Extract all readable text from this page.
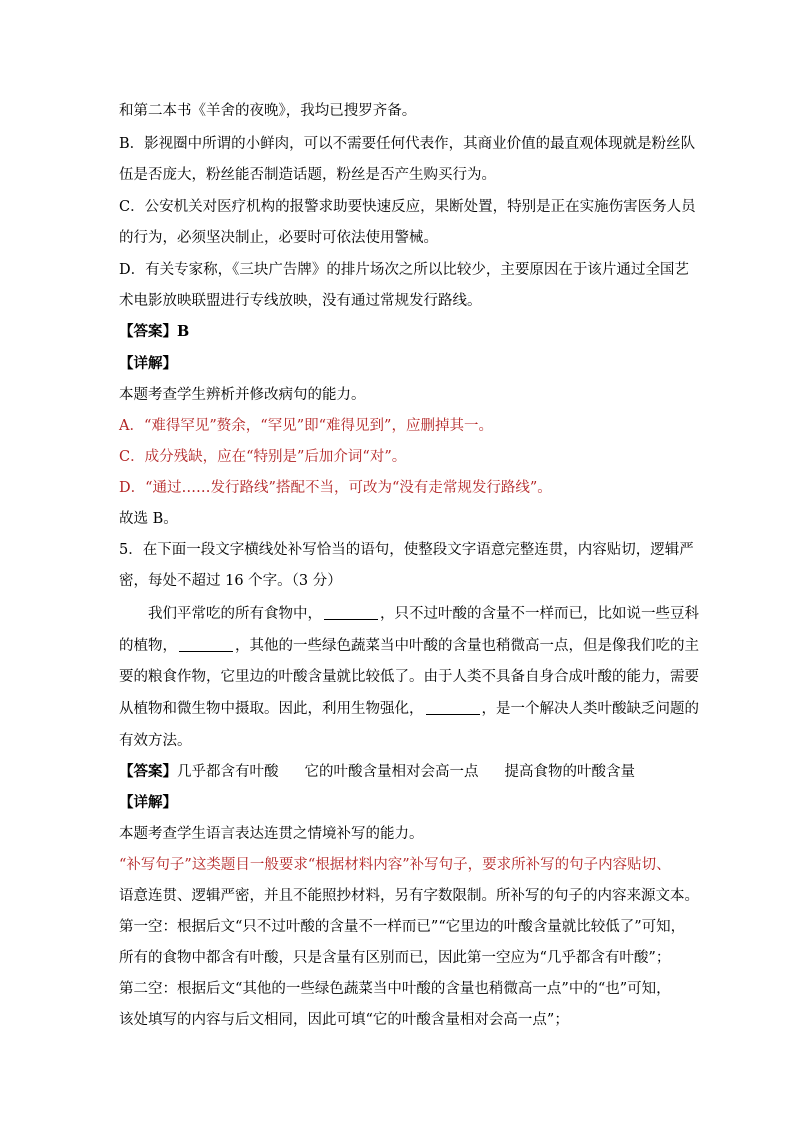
和第二本书《羊舍的夜晚》，我均已搜罗齐备。
B．影视圈中所谓的小鲜肉，可以不需要任何代表作，其商业价值的最直观体现就是粉丝队
伍是否庞大，粉丝能否制造话题，粉丝是否产生购买行为。
C．公安机关对医疗机构的报警求助要快速反应，果断处置，特别是正在实施伤害医务人员
的行为，必须坚决制止，必要时可依法使用警械。
D．有关专家称，《三块广告牌》的排片场次之所以比较少，主要原因在于该片通过全国艺
术电影放映联盟进行专线放映，没有通过常规发行路线。
【答案】B
【详解】
本题考查学生辨析并修改病句的能力。
A．“难得罕见”赘余，“罕见”即“难得见到”，应删掉其一。
C．成分残缺，应在“特别是”后加介词“对”。
D．“通过……发行路线”搭配不当，可改为“没有走常规发行路线”。
故选 B。
5．在下面一段文字横线处补写恰当的语句，使整段文字语意完整连贯，内容贴切，逻辑严
密，每处不超过 16 个字。（3 分）
我们平常吃的所有食物中，	，只不过叶酸的含量不一样而已，比如说一些豆科
的植物，	，其他的一些绿色蔬菜当中叶酸的含量也稍微高一点，但是像我们吃的主
要的粮食作物，它里边的叶酸含量就比较低了。由于人类不具备自身合成叶酸的能力，需要
从植物和微生物中摄取。因此，利用生物强化，	，是一个解决人类叶酸缺乏问题的
有效方法。
【答案】几乎都含有叶酸 它的叶酸含量相对会高一点 提高食物的叶酸含量
【详解】
本题考查学生语言表达连贯之情境补写的能力。
“补写句子”这类题目一般要求“根据材料内容”补写句子，要求所补写的句子内容贴切、
语意连贯、逻辑严密，并且不能照抄材料，另有字数限制。所补写的句子的内容来源文本。
第一空：根据后文“只不过叶酸的含量不一样而已”“它里边的叶酸含量就比较低了”可知，
所有的食物中都含有叶酸，只是含量有区别而已，因此第一空应为“几乎都含有叶酸”；
第二空：根据后文“其他的一些绿色蔬菜当中叶酸的含量也稍微高一点”中的“也”可知，
该处填写的内容与后文相同，因此可填“它的叶酸含量相对会高一点”；
